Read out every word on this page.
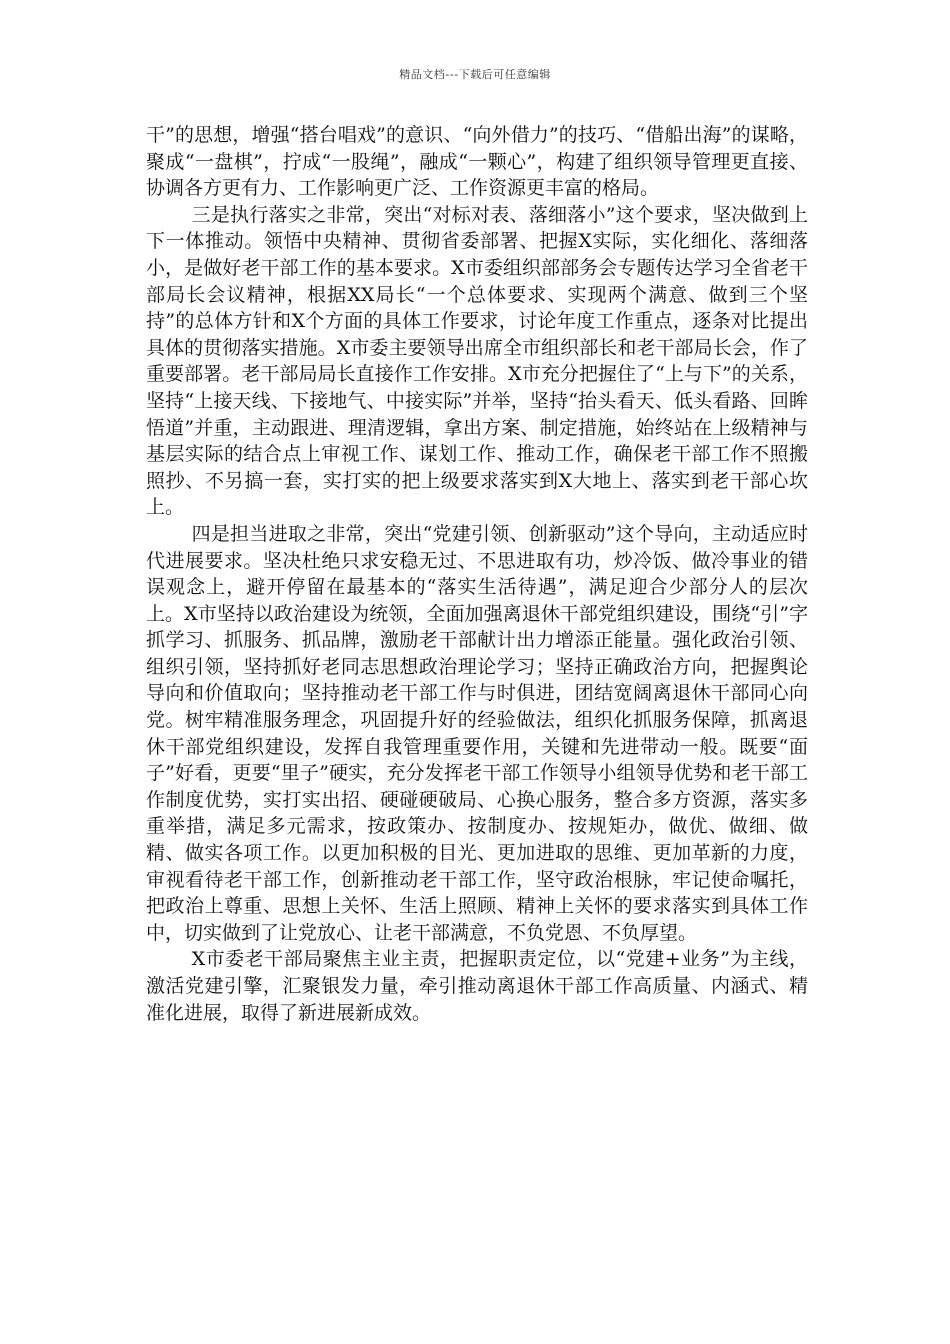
精品文档---下载后可任意编辑

干”的思想，增强“搭台唱戏”的意识、“向外借力”的技巧、“借船出海”的谋略，聚成“一盘棋”，拧成“一股绳”，融成“一颗心”，构建了组织领导管理更直接、协调各方更有力、工作影响更广泛、工作资源更丰富的格局。

三是执行落实之非常，突出“对标对表、落细落小”这个要求，坚决做到上下一体推动。领悟中央精神、贯彻省委部署、把握X实际，实化细化、落细落小，是做好老干部工作的基本要求。X市委组织部部务会专题传达学习全省老干部局长会议精神，根据XX局长“一个总体要求、实现两个满意、做到三个坚持”的总体方针和X个方面的具体工作要求，讨论年度工作重点，逐条对比提出具体的贯彻落实措施。X市委主要领导出席全市组织部长和老干部局长会，作了重要部署。老干部局局长直接作工作安排。X市充分把握住了“上与下”的关系，坚持“上接天线、下接地气、中接实际”并举，坚持“抬头看天、低头看路、回眸悟道”并重，主动跟进、理清逻辑，拿出方案、制定措施，始终站在上级精神与基层实际的结合点上审视工作、谋划工作、推动工作，确保老干部工作不照搬照抄、不另搞一套，实打实的把上级要求落实到X大地上、落实到老干部心坎上。

四是担当进取之非常，突出“党建引领、创新驱动”这个导向，主动适应时代进展要求。坚决杜绝只求安稳无过、不思进取有功，炒冷饭、做冷事业的错误观念上，避开停留在最基本的“落实生活待遇”，满足迎合少部分人的层次上。X市坚持以政治建设为统领，全面加强离退休干部党组织建设，围绕“引”字抓学习、抓服务、抓品牌，激励老干部献计出力增添正能量。强化政治引领、组织引领，坚持抓好老同志思想政治理论学习；坚持正确政治方向，把握舆论导向和价值取向；坚持推动老干部工作与时俱进，团结宽阔离退休干部同心向党。树牢精准服务理念，巩固提升好的经验做法，组织化抓服务保障，抓离退休干部党组织建设，发挥自我管理重要作用，关键和先进带动一般。既要“面子”好看，更要“里子”硬实，充分发挥老干部工作领导小组领导优势和老干部工作制度优势，实打实出招、硬碰硬破局、心换心服务，整合多方资源，落实多重举措，满足多元需求，按政策办、按制度办、按规矩办，做优、做细、做精、做实各项工作。以更加积极的目光、更加进取的思维、更加革新的力度，审视看待老干部工作，创新推动老干部工作，坚守政治根脉，牢记使命嘱托，把政治上尊重、思想上关怀、生活上照顾、精神上关怀的要求落实到具体工作中，切实做到了让党放心、让老干部满意，不负党恩、不负厚望。

X市委老干部局聚焦主业主责，把握职责定位，以“党建+业务”为主线，激活党建引擎，汇聚银发力量，牵引推动离退休干部工作高质量、内涵式、精准化进展，取得了新进展新成效。
